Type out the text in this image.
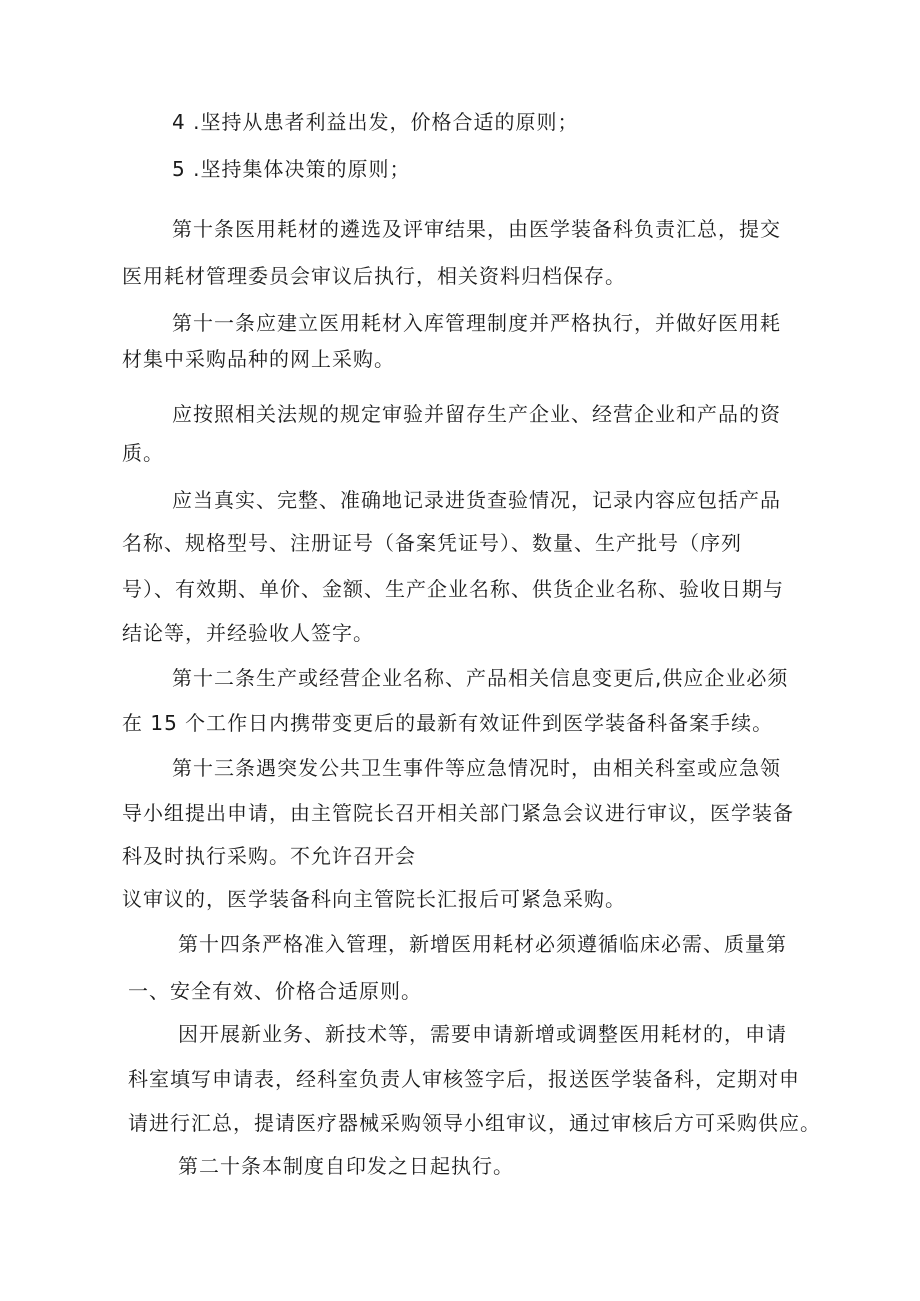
4 .坚持从患者利益出发，价格合适的原则；
5 .坚持集体决策的原则；
第十条医用耗材的遴选及评审结果，由医学装备科负责汇总，提交
医用耗材管理委员会审议后执行，相关资料归档保存。
第十一条应建立医用耗材入库管理制度并严格执行，并做好医用耗
材集中采购品种的网上采购。
应按照相关法规的规定审验并留存生产企业、经营企业和产品的资
质。
应当真实、完整、准确地记录进货查验情况，记录内容应包括产品
名称、规格型号、注册证号（备案凭证号）、数量、生产批号（序列
号）、有效期、单价、金额、生产企业名称、供货企业名称、验收日期与
结论等，并经验收人签字。
第十二条生产或经营企业名称、产品相关信息变更后,供应企业必须
在 15 个工作日内携带变更后的最新有效证件到医学装备科备案手续。
第十三条遇突发公共卫生事件等应急情况时，由相关科室或应急领
导小组提出申请，由主管院长召开相关部门紧急会议进行审议，医学装备
科及时执行采购。不允许召开会
议审议的，医学装备科向主管院长汇报后可紧急采购。
第十四条严格准入管理，新增医用耗材必须遵循临床必需、质量第
一、安全有效、价格合适原则。
因开展新业务、新技术等，需要申请新增或调整医用耗材的，申请
科室填写申请表，经科室负责人审核签字后，报送医学装备科，定期对申
请进行汇总，提请医疗器械采购领导小组审议，通过审核后方可采购供应。
第二十条本制度自印发之日起执行。
